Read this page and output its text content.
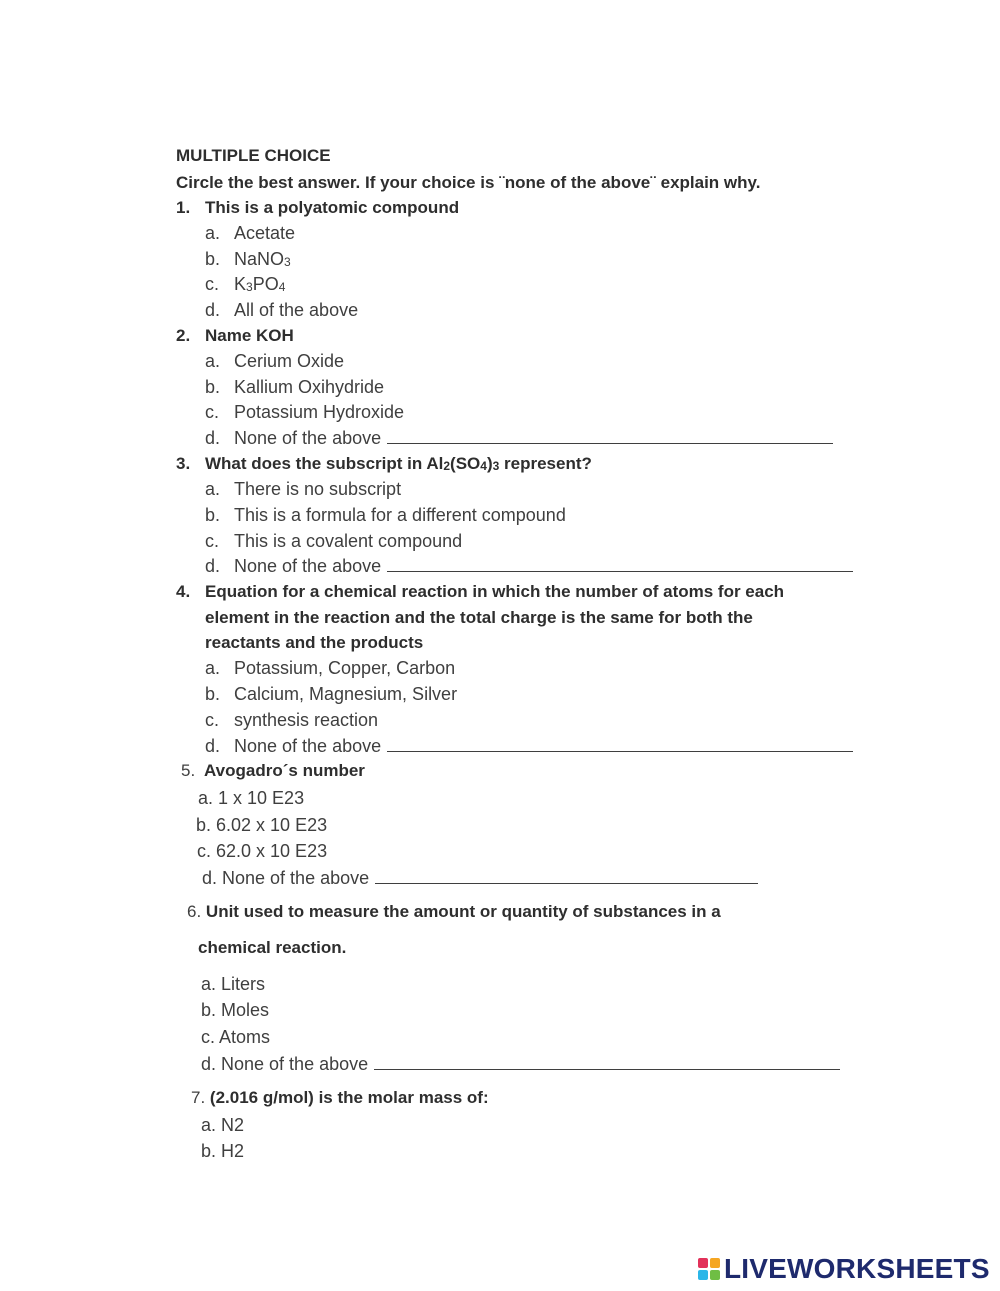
MULTIPLE CHOICE
Circle the best answer. If your choice is ¨none of the above¨ explain why.
1. This is a polyatomic compound
a. Acetate
b. NaNO$_3$
c. $K_3PO_4$
d. All of the above
2. Name KOH
a. Cerium Oxide
b. Kallium Oxihydride
c. Potassium Hydroxide
d. None of the above
3. What does the subscript in $Al_2(SO_4)_3$ represent?
a. There is no subscript
b. This is a formula for a different compound
c. This is a covalent compound
d. None of the above
4. Equation for a chemical reaction in which the number of atoms for each
element in the reaction and the total charge is the same for both the
reactants and the products
a. Potassium, Copper, Carbon
b. Calcium, Magnesium, Silver
c. synthesis reaction
d. None of the above
5. Avogadro´s number
a. 1 x 10 E23
b. 6.02 x 10 E23
c. 62.0 x 10 E23
d. None of the above
6. Unit used to measure the amount or quantity of substances in a
chemical reaction.
a. Liters
b. Moles
c. Atoms
d. None of the above
7. (2.016 g/mol) is the molar mass of:
a. N2
b. H2
LIVEWORKSHEETS
